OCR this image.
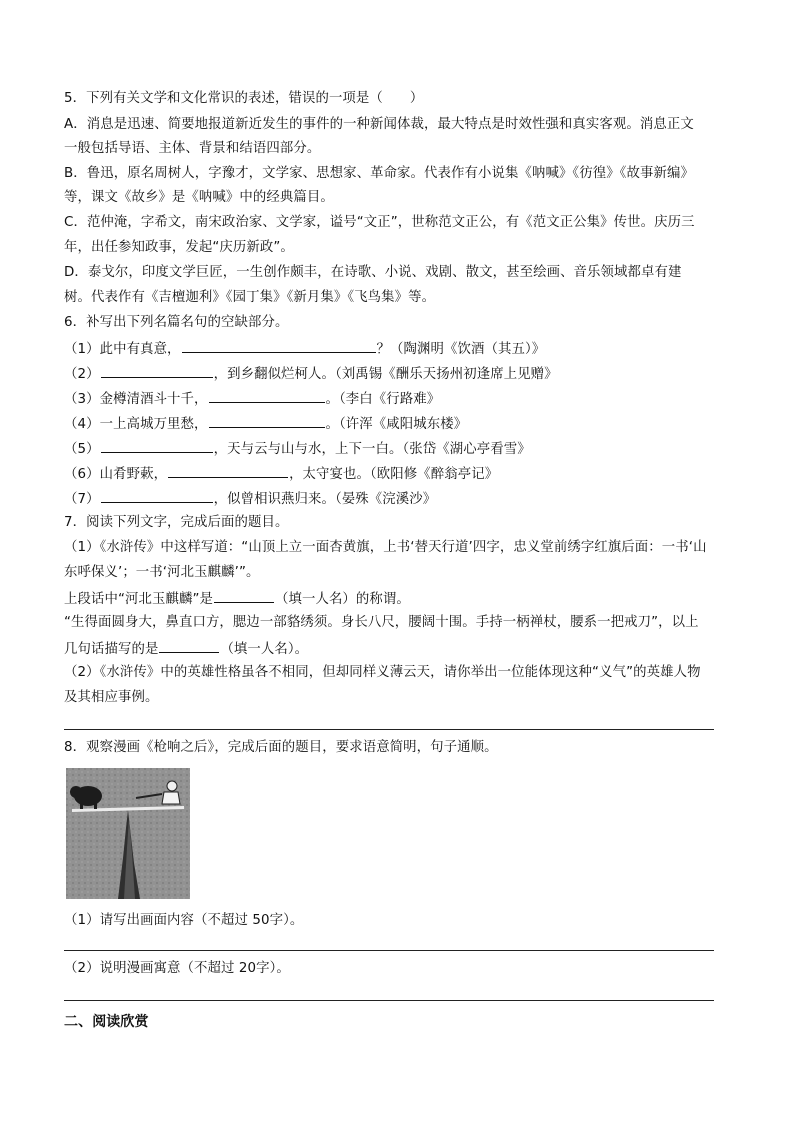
5．下列有关文学和文化常识的表述，错误的一项是（　　）
A．消息是迅速、简要地报道新近发生的事件的一种新闻体裁，最大特点是时效性强和真实客观。消息正文
一般包括导语、主体、背景和结语四部分。
B．鲁迅，原名周树人，字豫才，文学家、思想家、革命家。代表作有小说集《呐喊》《彷徨》《故事新编》
等，课文《故乡》是《呐喊》中的经典篇目。
C．范仲淹，字希文，南宋政治家、文学家，谥号“文正”，世称范文正公，有《范文正公集》传世。庆历三
年，出任参知政事，发起“庆历新政”。
D．泰戈尔，印度文学巨匠，一生创作颇丰，在诗歌、小说、戏剧、散文，甚至绘画、音乐领域都卓有建
树。代表作有《吉檀迦利》《园丁集》《新月集》《飞鸟集》等。
6．补写出下列名篇名句的空缺部分。
（1）此中有真意，	？（陶渊明《饮酒（其五）》
（2）	，到乡翻似烂柯人。（刘禹锡《酬乐天扬州初逢席上见赠》
（3）金樽清酒斗十千，	。（李白《行路难》
（4）一上高城万里愁，	。（许浑《咸阳城东楼》
（5）	，天与云与山与水，上下一白。（张岱《湖心亭看雪》
（6）山肴野蔌，	，太守宴也。（欧阳修《醉翁亭记》
（7）	，似曾相识燕归来。（晏殊《浣溪沙》
7．阅读下列文字，完成后面的题目。
（1）《水浒传》中这样写道：“山顶上立一面杏黄旗，上书‘替天行道’四字，忠义堂前绣字红旗后面：一书‘山
东呼保义’；一书‘河北玉麒麟’”。
上段话中“河北玉麒麟”是	（填一人名）的称谓。
“生得面圆身大，鼻直口方，腮边一部貉绣须。身长八尺，腰阔十围。手持一柄禅杖，腰系一把戒刀”，以上
几句话描写的是	（填一人名）。
（2）《水浒传》中的英雄性格虽各不相同，但却同样义薄云天，请你举出一位能体现这种“义气”的英雄人物
及其相应事例。
8．观察漫画《枪响之后》，完成后面的题目，要求语意简明，句子通顺。
（1）请写出画面内容（不超过 50字）。
（2）说明漫画寓意（不超过 20字）。
二、阅读欣赏
